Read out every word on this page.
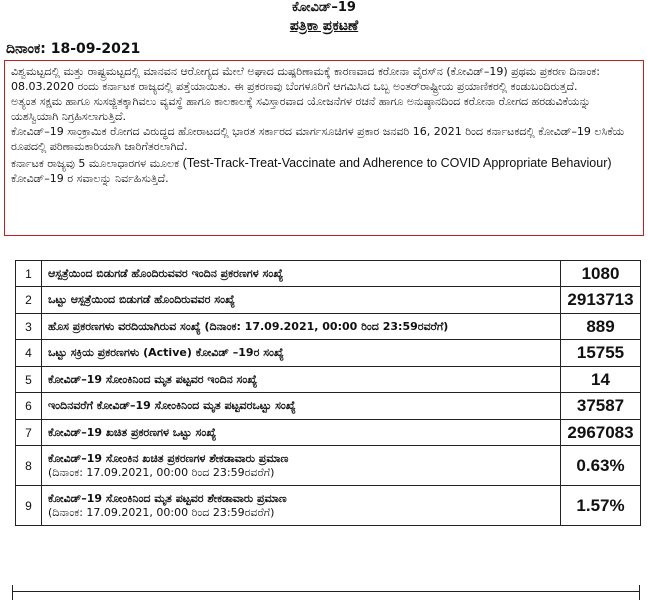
ಕೋವಿಡ್–19
ಪತ್ರಿಕಾ ಪ್ರಕಟಣೆ
ದಿನಾಂಕ: 18-09-2021

ವಿಶ್ವಮಟ್ಟದಲ್ಲಿ ಮತ್ತು ರಾಷ್ಟ್ರಮಟ್ಟದಲ್ಲಿ ಮಾನವನ ಆರೋಗ್ಯದ ಮೇಲೆ ಅಘಾದ ದುಷ್ಪರಿಣಾಮಕ್ಕೆ ಕಾರಣವಾದ ಕರೋನಾ ವೈರಸ್‌ನ (ಕೋವಿಡ್–19) ಪ್ರಥಮ ಪ್ರಕರಣ ದಿನಾಂಕ: 08.03.2020 ರಂದು ಕರ್ನಾಟಕ ರಾಜ್ಯದಲ್ಲಿ ಪತ್ತೆಯಾಯಿತು. ಈ ಪ್ರಕರಣವು ಬೆಂಗಳೂರಿಗೆ ಆಗಮಿಸಿದ ಒಬ್ಬ ಅಂತರ್‌ರಾಷ್ಟ್ರೀಯ ಪ್ರಯಾಣಿಕರಲ್ಲಿ ಕಂಡುಬಂದಿರುತ್ತದೆ.

ಅತ್ಯಂತ ಸಕ್ಷಮ ಹಾಗೂ ಸುಸಜ್ಜಿತಕ್ಕಾಗಿವಲು ವ್ಯವಸ್ಥೆ ಹಾಗೂ ಕಾಲಕಾಲಕ್ಕೆ ಸವಿಸ್ತಾರವಾದ ಯೋಜನೆಗಳ ರಚನೆ ಹಾಗೂ ಅನುಷ್ಠಾನದಿಂದ ಕರೋನಾ ರೋಗದ ಹರಡುವಿಕೆಯನ್ನು ಯಶಸ್ವಿಯಾಗಿ ನಿಗ್ರಹಿಸಲಾಗುತ್ತಿದೆ.

ಕೋವಿಡ್–19 ಸಾಂಕ್ರಾಮಿಕ ರೋಗದ ವಿರುದ್ಧದ ಹೋರಾಟದಲ್ಲಿ ಭಾರತ ಸರ್ಕಾರದ ಮಾರ್ಗಸೂಚಿಗಳ ಪ್ರಕಾರ ಜನವರಿ 16, 2021 ರಿಂದ ಕರ್ನಾಟಕದಲ್ಲಿ ಕೋವಿಡ್–19 ಲಸಿಕೆಯ ರೂಪದಲ್ಲಿ ಪರಿಣಾಮಕಾರಿಯಾಗಿ ಜಾರಿಗೆತರಲಾಗಿದೆ.

ಕರ್ನಾಟಕ ರಾಜ್ಯವು 5 ಮೂಲಾಧಾರಗಳ ಮೂಲಕ (Test-Track-Treat-Vaccinate and Adherence to COVID Appropriate Behaviour) ಕೋವಿಡ್–19 ರ ಸವಾಲನ್ನು ನಿರ್ವಹಿಸುತ್ತಿದೆ.

1	ಆಸ್ಪತ್ರೆಯಿಂದ ಬಿಡುಗಡೆ ಹೊಂದಿರುವವರ ಇಂದಿನ ಪ್ರಕರಣಗಳ ಸಂಖ್ಯೆ	1080
2	ಒಟ್ಟು ಆಸ್ಪತ್ರೆಯಿಂದ ಬಿಡುಗಡೆ ಹೊಂದಿರುವವರ ಸಂಖ್ಯೆ	2913713
3	ಹೊಸ ಪ್ರಕರಣಗಳು ವರದಿಯಾಗಿರುವ ಸಂಖ್ಯೆ (ದಿನಾಂಕ: 17.09.2021, 00:00 ರಿಂದ 23:59ರವರೆಗೆ)	889
4	ಒಟ್ಟು ಸಕ್ರಿಯ ಪ್ರಕರಣಗಳು (Active) ಕೋವಿಡ್ –19ರ ಸಂಖ್ಯೆ	15755
5	ಕೋವಿಡ್–19 ಸೋಂಕಿನಿಂದ ಮೃತ ಪಟ್ಟವರ ಇಂದಿನ ಸಂಖ್ಯೆ	14
6	ಇಂದಿನವರೆಗೆ ಕೋವಿಡ್–19 ಸೋಂಕಿನಿಂದ ಮೃತ ಪಟ್ಟವರಒಟ್ಟು ಸಂಖ್ಯೆ	37587
7	ಕೋವಿಡ್–19 ಖಚಿತ ಪ್ರಕರಣಗಳ ಒಟ್ಟು ಸಂಖ್ಯೆ	2967083
8	ಕೋವಿಡ್–19 ಸೋಂಕಿನ ಖಚಿತ ಪ್ರಕರಣಗಳ ಶೇಕಡಾವಾರು ಪ್ರಮಾಣ
(ದಿನಾಂಕ: 17.09.2021, 00:00 ರಿಂದ 23:59ರವರೆಗೆ)	0.63%
9	ಕೋವಿಡ್–19 ಸೋಂಕಿನಿಂದ ಮೃತ ಪಟ್ಟವರ ಶೇಕಡಾವಾರು ಪ್ರಮಾಣ
(ದಿನಾಂಕ: 17.09.2021, 00:00 ರಿಂದ 23:59ರವರೆಗೆ)	1.57%
